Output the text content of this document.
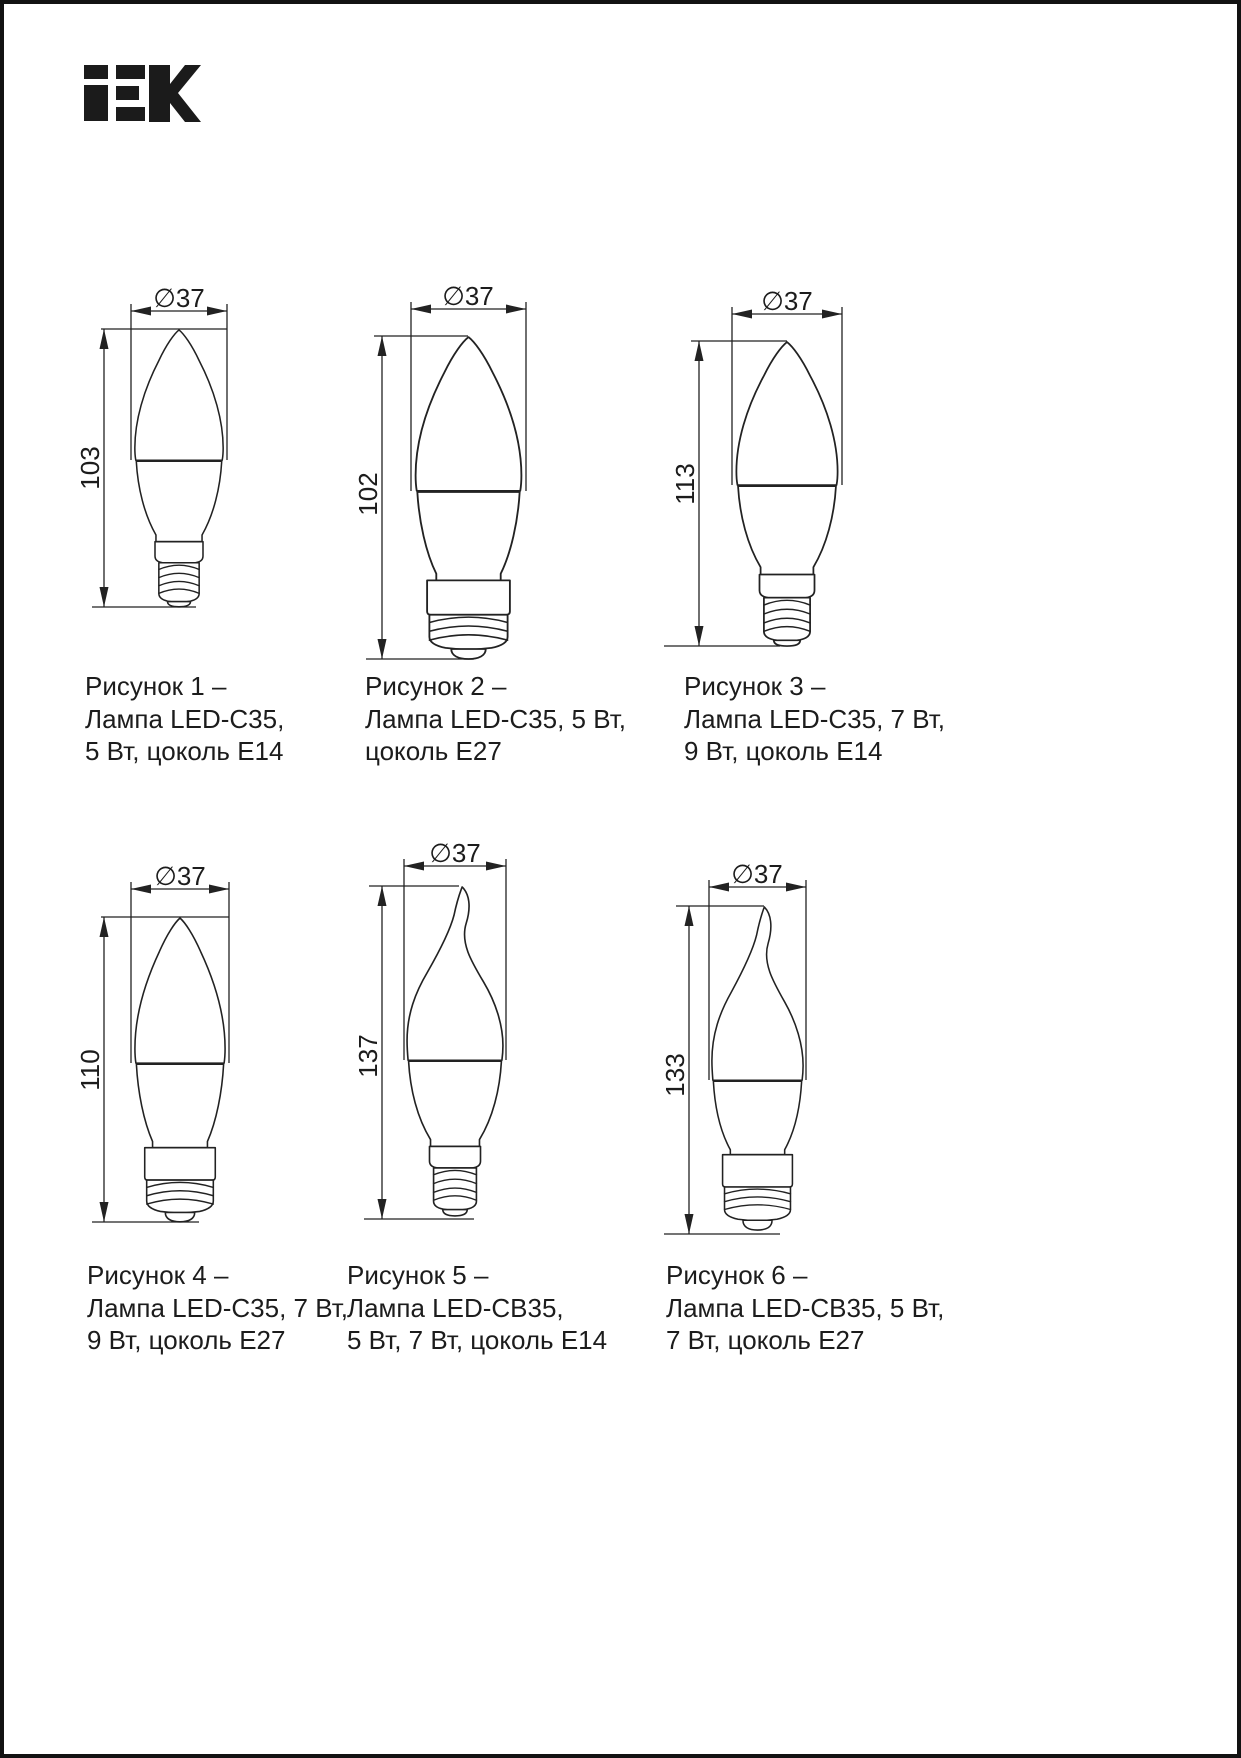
∅37
103
∅37
102
∅37
113
∅37
110
∅37
137
∅37
133
Рисунок 1 –
Лампа LED-C35,
5 Вт, цоколь E14
Рисунок 2 –
Лампа LED-C35, 5 Вт,
цоколь E27
Рисунок 3 –
Лампа LED-C35, 7 Вт,
9 Вт, цоколь E14
Рисунок 4 –
Лампа LED-C35, 7 Вт,
9 Вт, цоколь E27
Рисунок 5 –
Лампа LED-CB35,
5 Вт, 7 Вт, цоколь E14
Рисунок 6 –
Лампа LED-CB35, 5 Вт,
7 Вт, цоколь E27
